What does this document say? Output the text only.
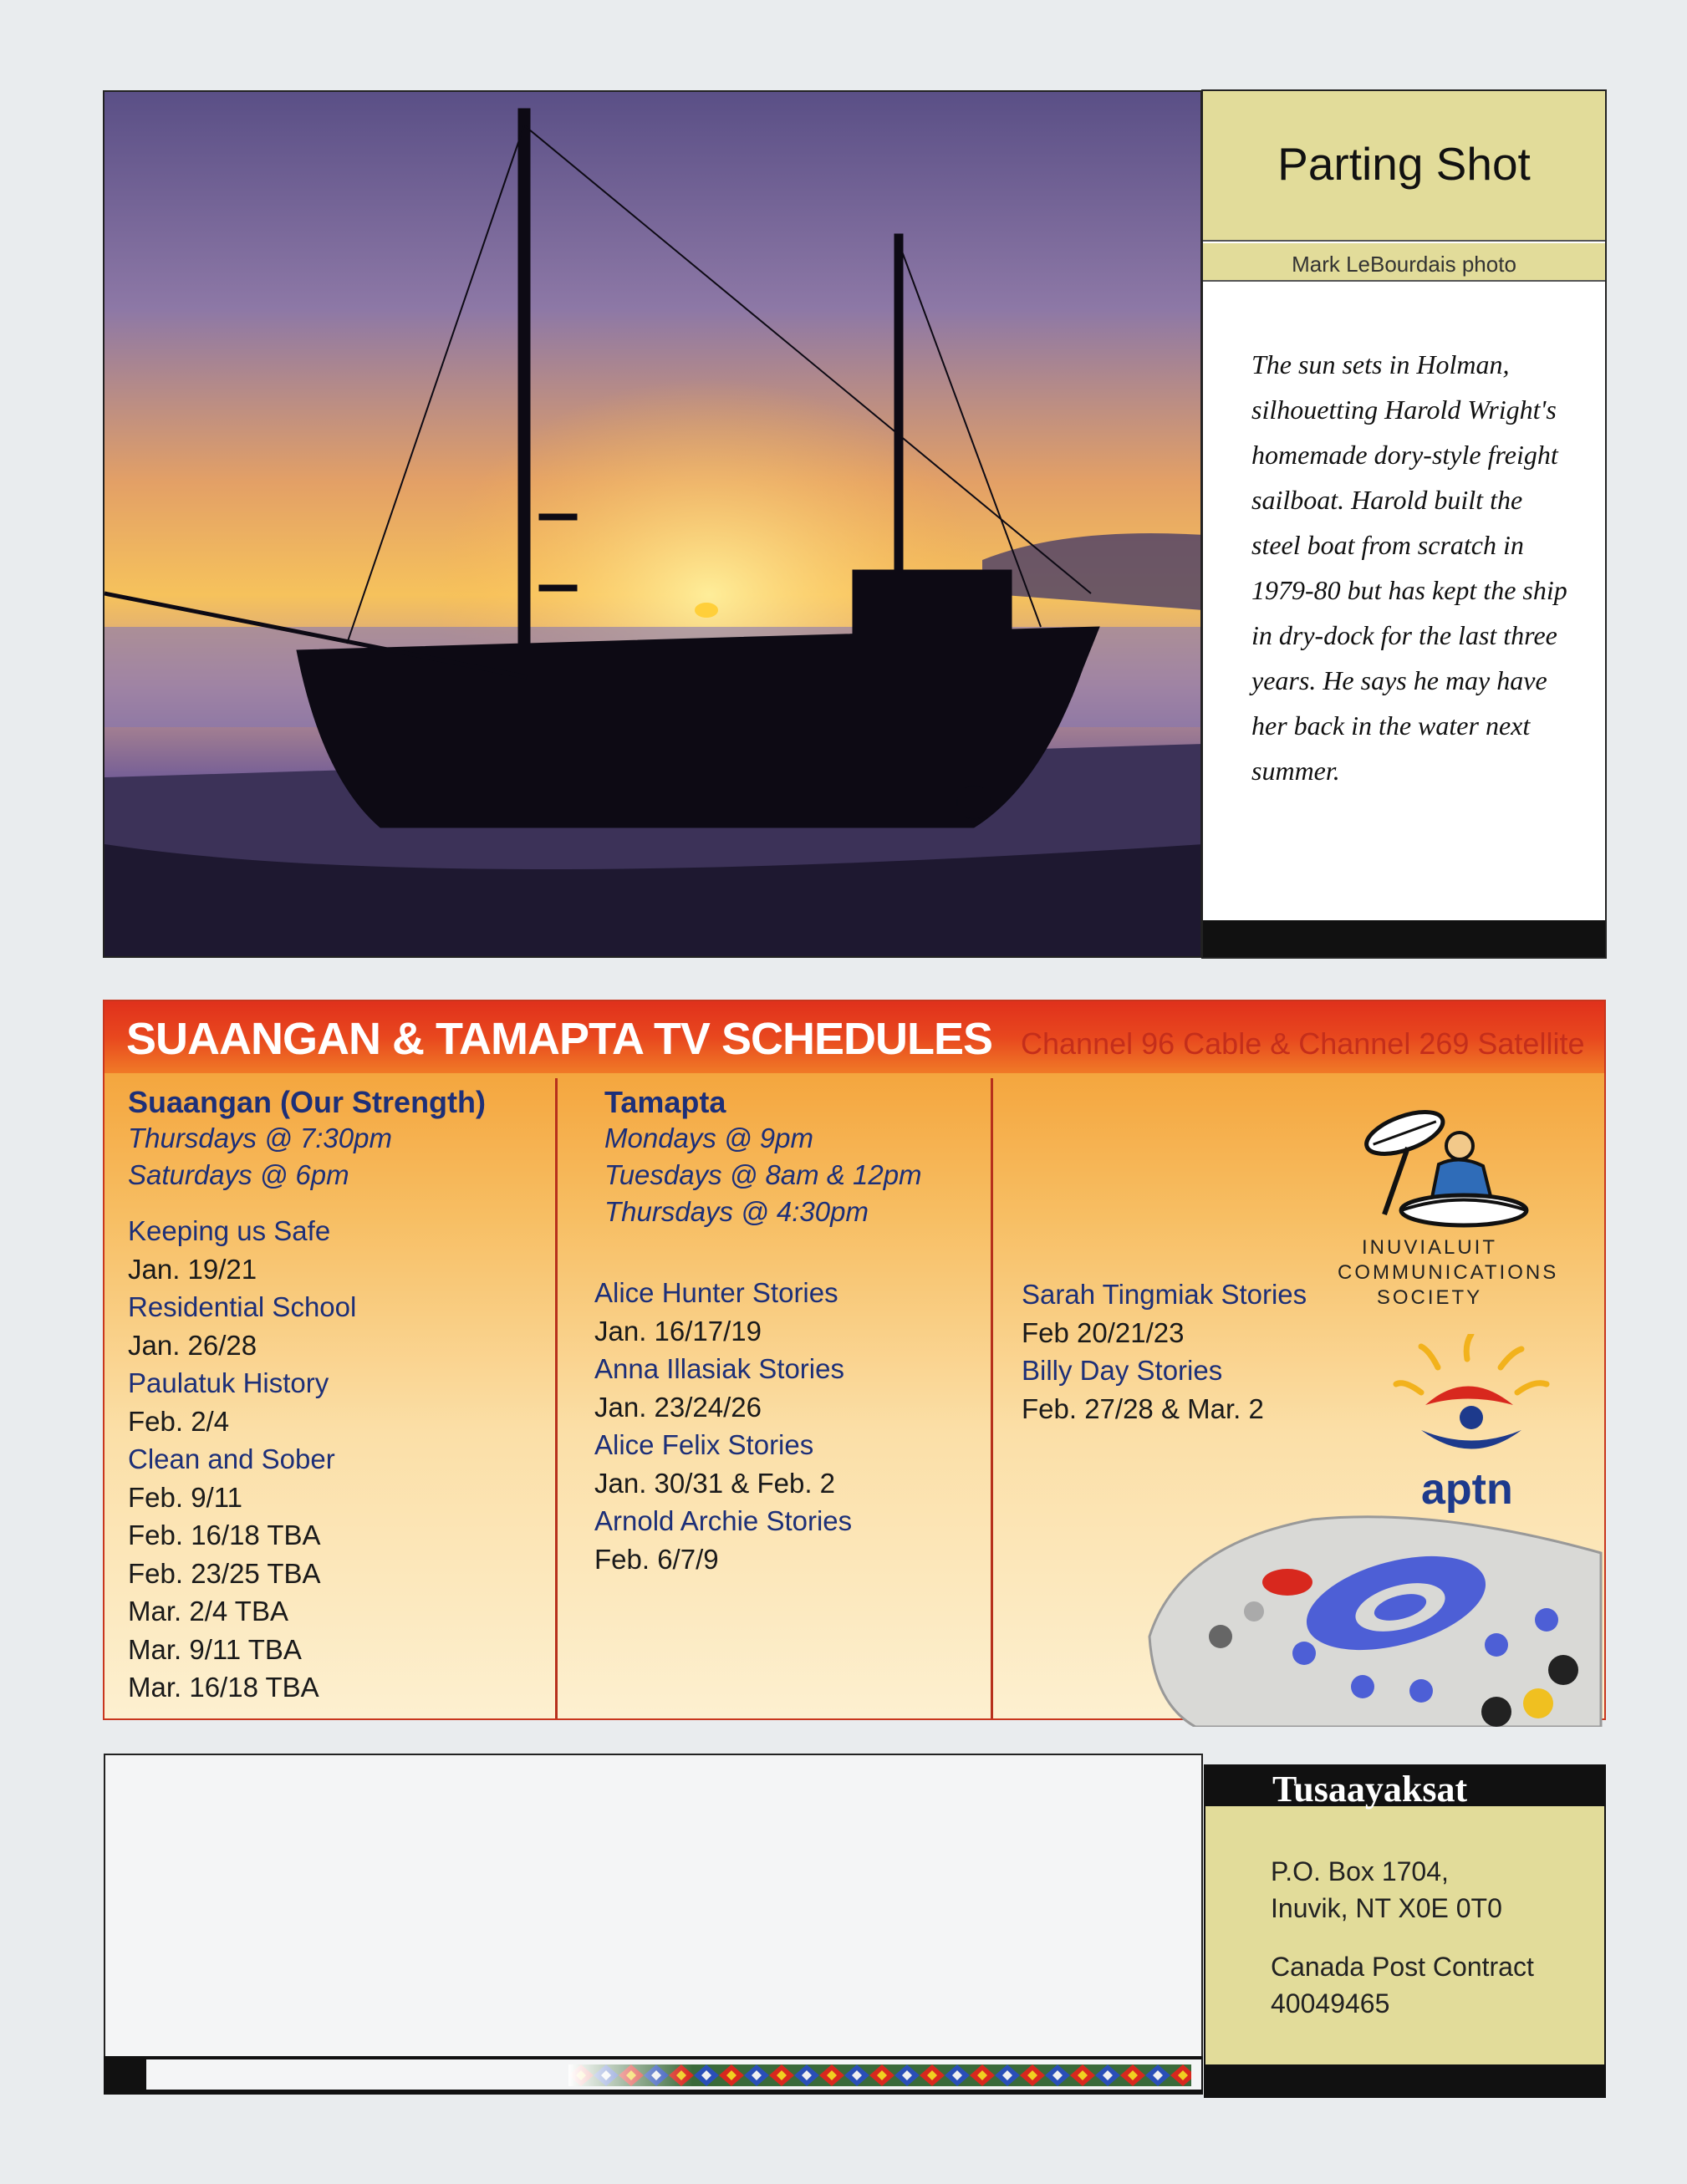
Parting Shot
Mark LeBourdais photo
The sun sets in Holman, silhouetting Harold Wright's homemade dory-style freight sailboat. Harold built the steel boat from scratch in 1979-80 but has kept the ship in dry-dock for the last three years. He says he may have her back in the water next summer.
SUAANGAN & TAMAPTA TV SCHEDULES Channel 96 Cable & Channel 269 Satellite
Suaangan (Our Strength)
Thursdays @ 7:30pm
Saturdays @ 6pm
Keeping us Safe
Jan. 19/21
Residential School
Jan. 26/28
Paulatuk History
Feb. 2/4
Clean and Sober
Feb. 9/11
Feb. 16/18 TBA
Feb. 23/25 TBA
Mar. 2/4 TBA
Mar. 9/11 TBA
Mar. 16/18 TBA
Tamapta
Mondays @ 9pm
Tuesdays @ 8am & 12pm
Thursdays @ 4:30pm
Alice Hunter Stories
Jan. 16/17/19
Anna Illasiak Stories
Jan. 23/24/26
Alice Felix Stories
Jan. 30/31 & Feb. 2
Arnold Archie Stories
Feb. 6/7/9
Sarah Tingmiak Stories
Feb 20/21/23
Billy Day Stories
Feb. 27/28 & Mar. 2
INUVIALUIT COMMUNICATIONS SOCIETY
aptn
Tusaayaksat
P.O. Box 1704,
Inuvik, NT X0E 0T0
Canada Post Contract
40049465
